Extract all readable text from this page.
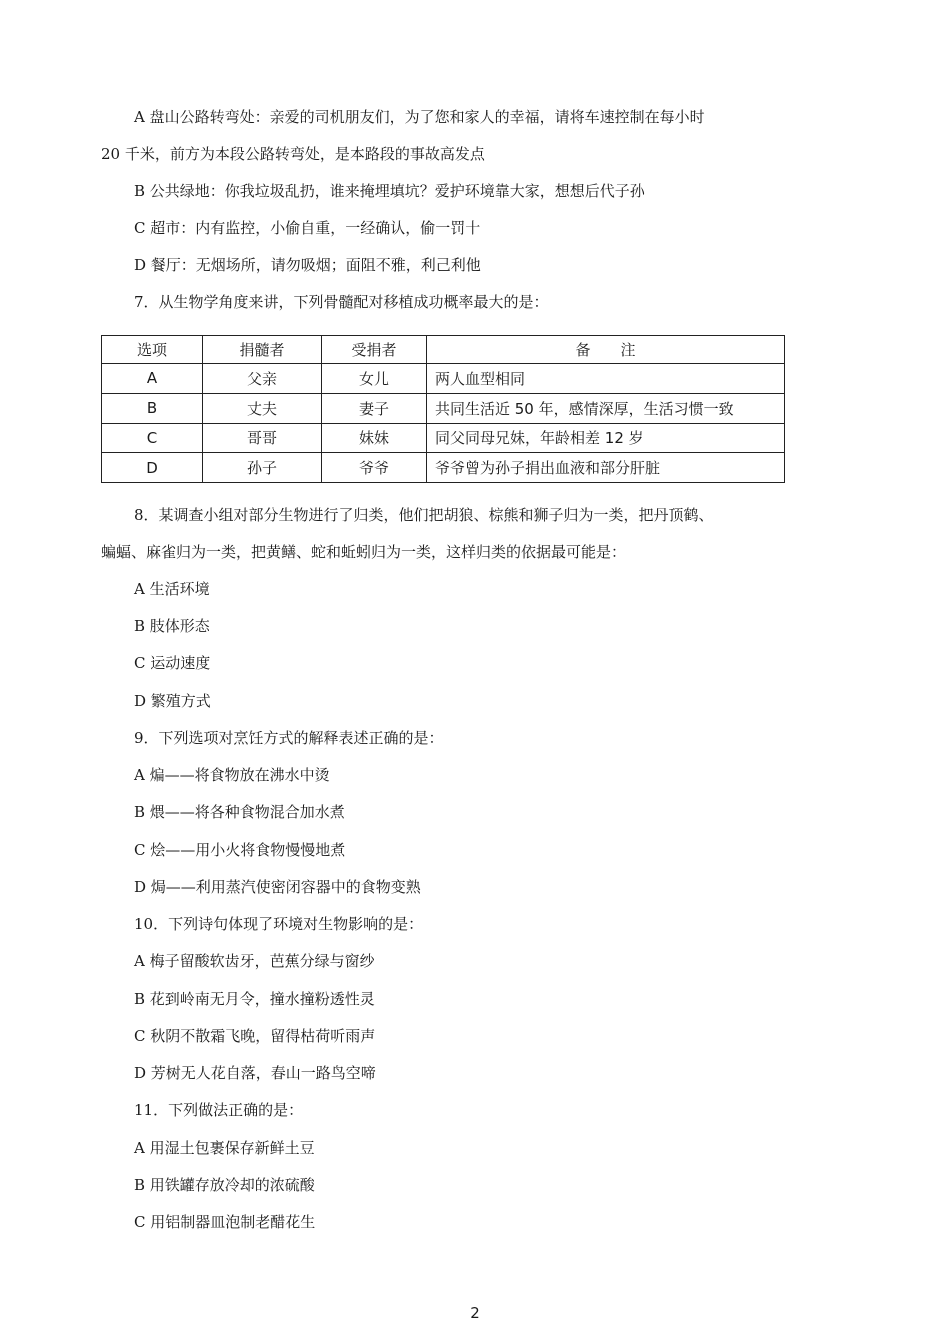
A 盘山公路转弯处：亲爱的司机朋友们，为了您和家人的幸福，请将车速控制在每小时
20 千米，前方为本段公路转弯处，是本路段的事故高发点
B 公共绿地：你我垃圾乱扔，谁来掩埋填坑？爱护环境靠大家，想想后代子孙
C 超市：内有监控，小偷自重，一经确认，偷一罚十
D 餐厅：无烟场所，请勿吸烟；面阻不雅，利己利他
7．从生物学角度来讲，下列骨髓配对移植成功概率最大的是：
选项	捐髓者	受捐者	备　　注
A	父亲	女儿	两人血型相同
B	丈夫	妻子	共同生活近 50 年，感情深厚，生活习惯一致
C	哥哥	妹妹	同父同母兄妹，年龄相差 12 岁
D	孙子	爷爷	爷爷曾为孙子捐出血液和部分肝脏
8．某调查小组对部分生物进行了归类，他们把胡狼、棕熊和狮子归为一类，把丹顶鹤、
蝙蝠、麻雀归为一类，把黄鳝、蛇和蚯蚓归为一类，这样归类的依据最可能是：
A 生活环境
B 肢体形态
C 运动速度
D 繁殖方式
9．下列选项对烹饪方式的解释表述正确的是：
A 煸——将食物放在沸水中烫
B 煨——将各种食物混合加水煮
C 烩——用小火将食物慢慢地煮
D 焗——利用蒸汽使密闭容器中的食物变熟
10．下列诗句体现了环境对生物影响的是：
A 梅子留酸软齿牙，芭蕉分绿与窗纱
B 花到岭南无月令，撞水撞粉透性灵
C 秋阴不散霜飞晚，留得枯荷听雨声
D 芳树无人花自落，春山一路鸟空啼
11．下列做法正确的是：
A 用湿土包裹保存新鲜土豆
B 用铁罐存放冷却的浓硫酸
C 用铝制器皿泡制老醋花生
2
